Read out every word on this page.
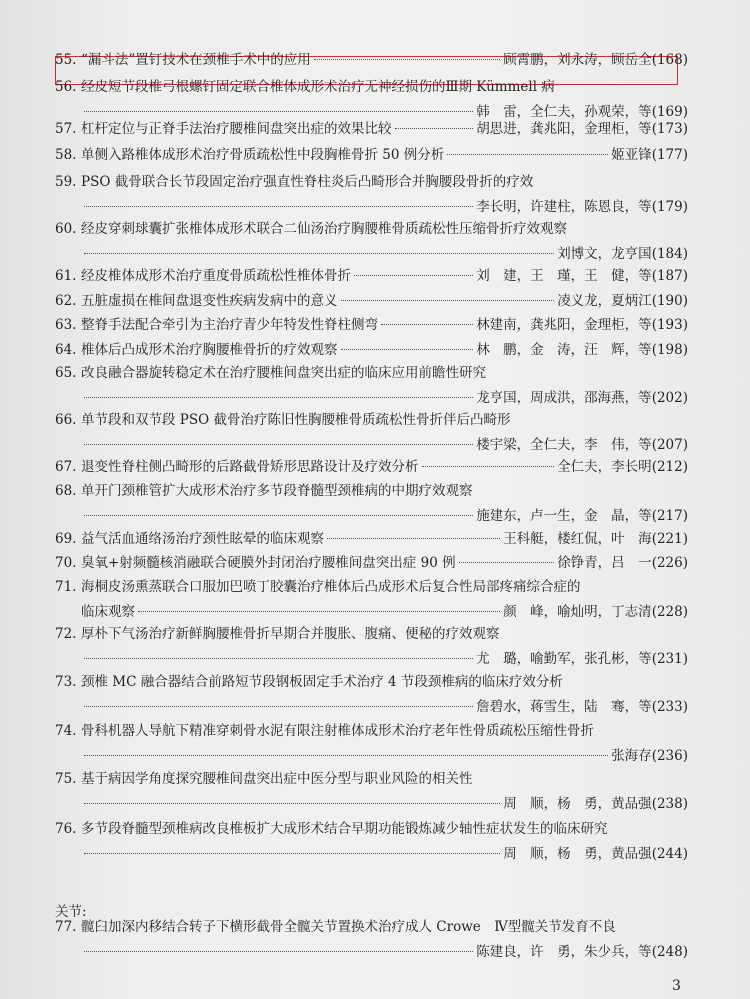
55. “漏斗法”置钉技术在颈椎手术中的应用	顾霄鹏，刘永涛，顾岳全 (168)
56. 经皮短节段椎弓根螺钉固定联合椎体成形术治疗无神经损伤的Ⅲ期 Kümmell 病
韩　雷，全仁夫，孙观荣，等 (169)
57. 杠杆定位与正脊手法治疗腰椎间盘突出症的效果比较	胡思进，龚兆阳，金理柜，等 (173)
58. 单侧入路椎体成形术治疗骨质疏松性中段胸椎骨折 50 例分析	姬亚锋 (177)
59. PSO 截骨联合长节段固定治疗强直性脊柱炎后凸畸形合并胸腰段骨折的疗效
李长明，许建柱，陈恩良，等 (179)
60. 经皮穿刺球囊扩张椎体成形术联合二仙汤治疗胸腰椎骨质疏松性压缩骨折疗效观察
刘博文，龙亨国 (184)
61. 经皮椎体成形术治疗重度骨质疏松性椎体骨折	刘　建，王　瑾，王　健，等 (187)
62. 五脏虚损在椎间盘退变性疾病发病中的意义	凌义龙，夏炳江 (190)
63. 整脊手法配合牵引为主治疗青少年特发性脊柱侧弯	林建南，龚兆阳，金理柜，等 (193)
64. 椎体后凸成形术治疗胸腰椎骨折的疗效观察	林　鹏，金　涛，汪　辉，等 (198)
65. 改良融合器旋转稳定术在治疗腰椎间盘突出症的临床应用前瞻性研究
龙亨国，周成洪，邵海燕，等 (202)
66. 单节段和双节段 PSO 截骨治疗陈旧性胸腰椎骨质疏松性骨折伴后凸畸形
楼宇梁，全仁夫，李　伟，等 (207)
67. 退变性脊柱侧凸畸形的后路截骨矫形思路设计及疗效分析	全仁夫，李长明 (212)
68. 单开门颈椎管扩大成形术治疗多节段脊髓型颈椎病的中期疗效观察
施建东，卢一生，金　晶，等 (217)
69. 益气活血通络汤治疗颈性眩晕的临床观察	王科艇，楼红侃，叶　海 (221)
70. 臭氧+射频髓核消融联合硬膜外封闭治疗腰椎间盘突出症 90 例	徐铮青，吕　一 (226)
71. 海桐皮汤熏蒸联合口服加巴喷丁胶囊治疗椎体后凸成形术后复合性局部疼痛综合症的
临床观察	颜　峰，喻灿明，丁志清 (228)
72. 厚朴下气汤治疗新鲜胸腰椎骨折早期合并腹胀、腹痛、便秘的疗效观察
尤　璐，喻勤军，张孔彬，等 (231)
73. 颈椎 MC 融合器结合前路短节段钢板固定手术治疗 4 节段颈椎病的临床疗效分析
詹碧水，蒋雪生，陆　骞，等 (233)
74. 骨科机器人导航下精准穿刺骨水泥有限注射椎体成形术治疗老年性骨质疏松压缩性骨折
张海存 (236)
75. 基于病因学角度探究腰椎间盘突出症中医分型与职业风险的相关性
周　顺，杨　勇，黄品强 (238)
76. 多节段脊髓型颈椎病改良椎板扩大成形术结合早期功能锻炼减少轴性症状发生的临床研究
周　顺，杨　勇，黄品强 (244)
77. 髋臼加深内移结合转子下横形截骨全髋关节置换术治疗成人 Crowe　Ⅳ型髋关节发育不良
陈建良，许　勇，朱少兵，等 (248)
关节:
3
